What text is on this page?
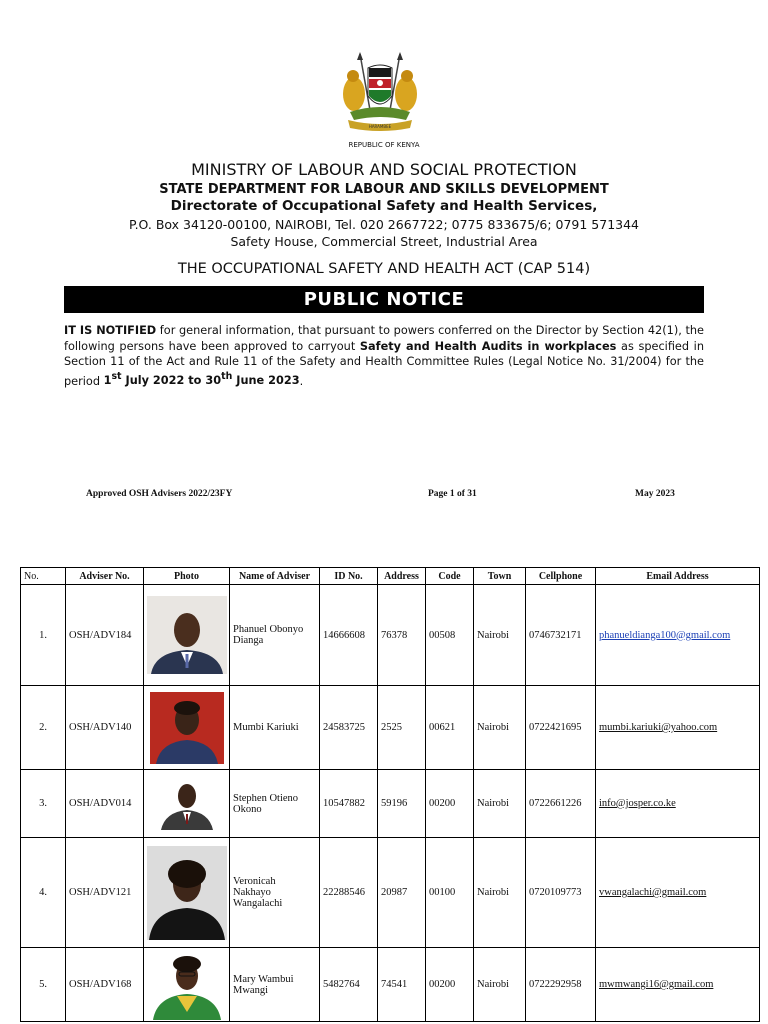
HARAMBEE
REPUBLIC OF KENYA
MINISTRY OF LABOUR AND SOCIAL PROTECTION
STATE DEPARTMENT FOR LABOUR AND SKILLS DEVELOPMENT
Directorate of Occupational Safety and Health Services,
P.O. Box 34120-00100, NAIROBI, Tel. 020 2667722; 0775 833675/6; 0791 571344
Safety House, Commercial Street, Industrial Area
THE OCCUPATIONAL SAFETY AND HEALTH ACT (CAP 514)
PUBLIC NOTICE
IT IS NOTIFIED for general information, that pursuant to powers conferred on the Director by Section 42(1), the following persons have been approved to carryout Safety and Health Audits in workplaces as specified in Section 11 of the Act and Rule 11 of the Safety and Health Committee Rules (Legal Notice No. 31/2004) for the period 1st July 2022 to 30th June 2023.
Approved OSH Advisers 2022/23FY	Page 1 of 31	May 2023
No.	Adviser No.	Photo	Name of Adviser	ID No.	Address	Code	Town	Cellphone	Email Address
1.	OSH/ADV184		Phanuel Obonyo Dianga	14666608	76378	00508	Nairobi	0746732171	phanueldianga100@gmail.com
2.	OSH/ADV140		Mumbi Kariuki	24583725	2525	00621	Nairobi	0722421695	mumbi.kariuki@yahoo.com
3.	OSH/ADV014		Stephen Otieno Okono	10547882	59196	00200	Nairobi	0722661226	info@josper.co.ke
4.	OSH/ADV121		Veronicah Nakhayo Wangalachi	22288546	20987	00100	Nairobi	0720109773	vwangalachi@gmail.com
5.	OSH/ADV168		Mary Wambui Mwangi	5482764	74541	00200	Nairobi	0722292958	mwmwangi16@gmail.com
